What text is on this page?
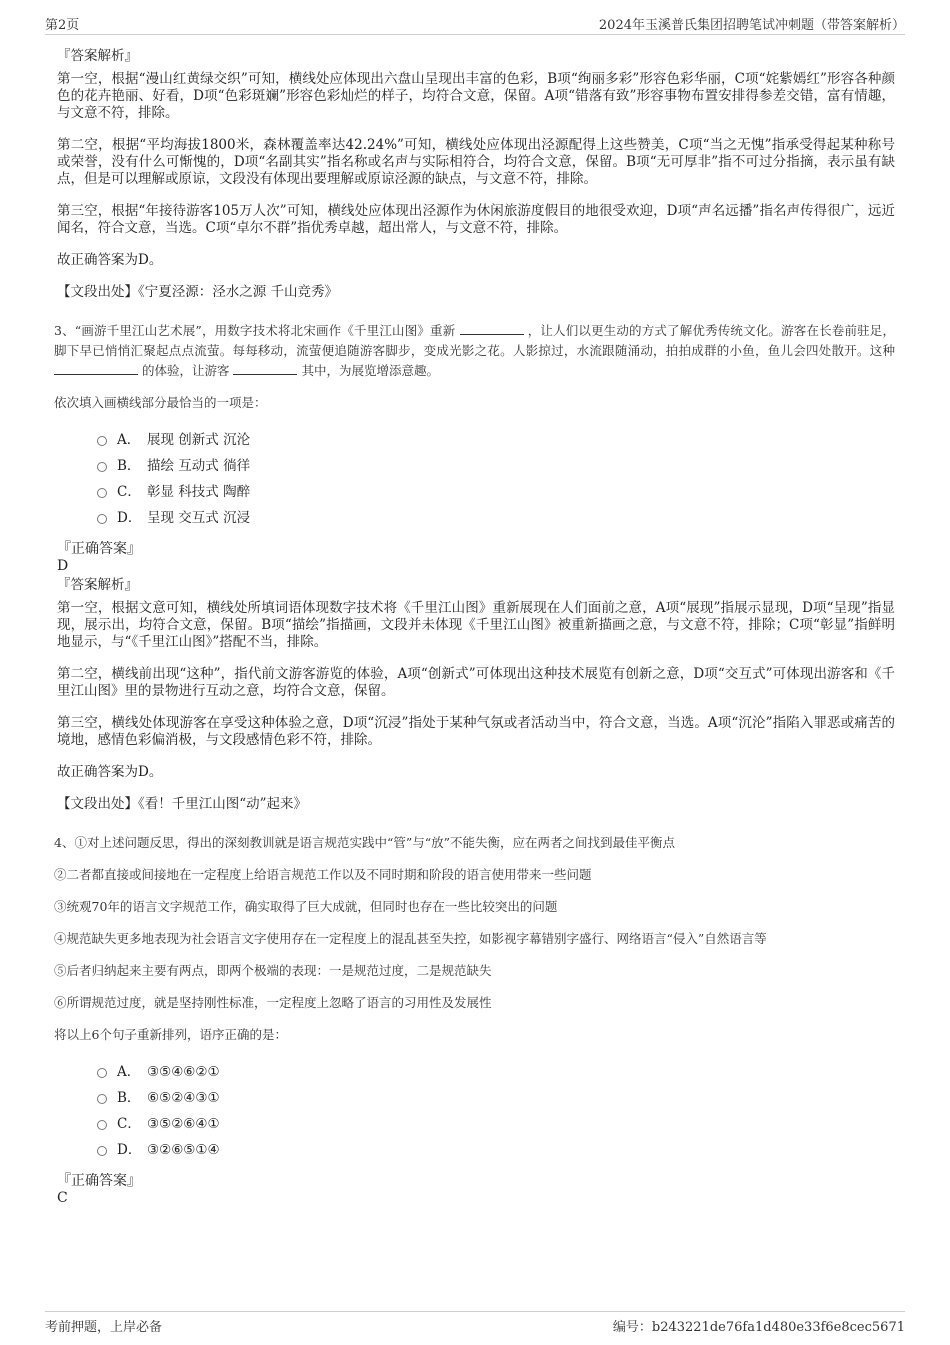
第2页	2024年玉溪普氏集团招聘笔试冲刺题（带答案解析）
『答案解析』
第一空，根据“漫山红黄绿交织”可知，横线处应体现出六盘山呈现出丰富的色彩，B项“绚丽多彩”形容色彩华丽，C项“姹紫嫣红”形容各种颜色的花卉艳丽、好看，D项“色彩斑斓”形容色彩灿烂的样子，均符合文意，保留。A项“错落有致”形容事物布置安排得参差交错，富有情趣，与文意不符，排除。
第二空，根据“平均海拔1800米，森林覆盖率达42.24%”可知，横线处应体现出泾源配得上这些赞美，C项“当之无愧”指承受得起某种称号或荣誉，没有什么可惭愧的，D项“名副其实”指名称或名声与实际相符合，均符合文意，保留。B项“无可厚非”指不可过分指摘，表示虽有缺点，但是可以理解或原谅，文段没有体现出要理解或原谅泾源的缺点，与文意不符，排除。
第三空，根据“年接待游客105万人次”可知，横线处应体现出泾源作为休闲旅游度假目的地很受欢迎，D项“声名远播”指名声传得很广，远近闻名，符合文意，当选。C项“卓尔不群”指优秀卓越，超出常人，与文意不符，排除。
故正确答案为D。
【文段出处】《宁夏泾源：泾水之源 千山竞秀》
3、“画游千里江山艺术展”，用数字技术将北宋画作《千里江山图》重新	，让人们以更生动的方式了解优秀传统文化。游客在长卷前驻足，脚下早已悄悄汇聚起点点流萤。每每移动，流萤便追随游客脚步，变成光影之花。人影掠过，水流跟随涌动，拍拍成群的小鱼，鱼儿会四处散开。这种  的体验，让游客	其中，为展览增添意趣。
依次填入画横线部分最恰当的一项是：
A． 展现 创新式 沉沦
B． 描绘 互动式 徜徉
C． 彰显 科技式 陶醉
D． 呈现 交互式 沉浸
『正确答案』
D
『答案解析』
第一空，根据文意可知，横线处所填词语体现数字技术将《千里江山图》重新展现在人们面前之意，A项“展现”指展示显现，D项“呈现”指显现，展示出，均符合文意，保留。B项“描绘”指描画，文段并未体现《千里江山图》被重新描画之意，与文意不符，排除；C项“彰显”指鲜明地显示，与“《千里江山图》”搭配不当，排除。
第二空，横线前出现“这种”，指代前文游客游览的体验，A项“创新式”可体现出这种技术展览有创新之意，D项“交互式”可体现出游客和《千里江山图》里的景物进行互动之意，均符合文意，保留。
第三空，横线处体现游客在享受这种体验之意，D项“沉浸”指处于某种气氛或者活动当中，符合文意，当选。A项“沉沦”指陷入罪恶或痛苦的境地，感情色彩偏消极，与文段感情色彩不符，排除。
故正确答案为D。
【文段出处】《看！千里江山图“动”起来》
4、①对上述问题反思，得出的深刻教训就是语言规范实践中“管”与“放”不能失衡，应在两者之间找到最佳平衡点
②二者都直接或间接地在一定程度上给语言规范工作以及不同时期和阶段的语言使用带来一些问题
③统观70年的语言文字规范工作，确实取得了巨大成就，但同时也存在一些比较突出的问题
④规范缺失更多地表现为社会语言文字使用存在一定程度上的混乱甚至失控，如影视字幕错别字盛行、网络语言“侵入”自然语言等
⑤后者归纳起来主要有两点，即两个极端的表现：一是规范过度，二是规范缺失
⑥所谓规范过度，就是坚持刚性标准，一定程度上忽略了语言的习用性及发展性
将以上6个句子重新排列，语序正确的是：
A． ③⑤④⑥②①
B． ⑥⑤②④③①
C． ③⑤②⑥④①
D． ③②⑥⑤①④
『正确答案』
C
考前押题，上岸必备	编号：b243221de76fa1d480e33f6e8cec5671
